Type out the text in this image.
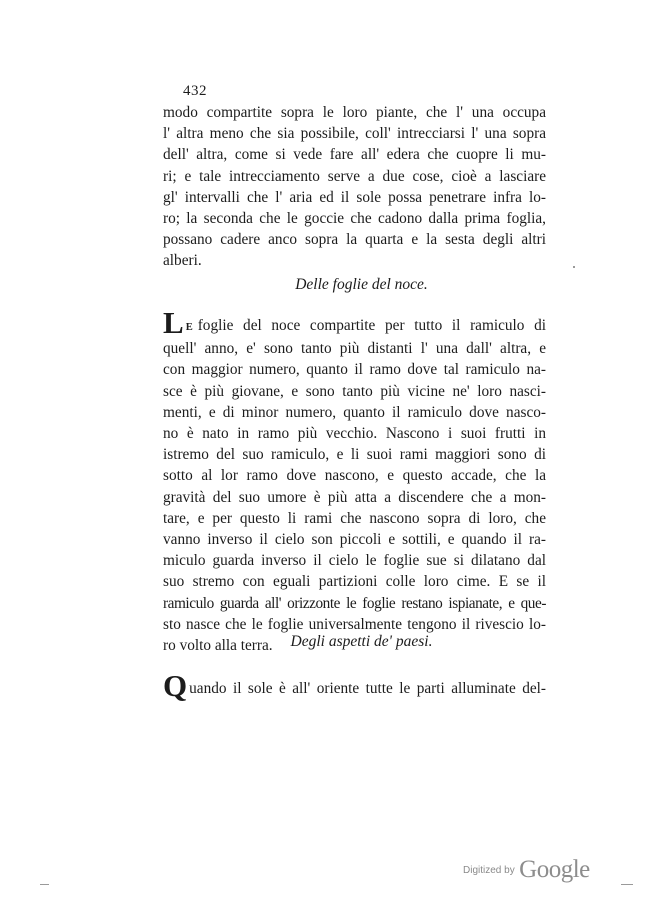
432
modo compartite sopra le loro piante, che l' una occupa
l' altra meno che sia possibile, coll' intrecciarsi l' una sopra
dell' altra, come si vede fare all' edera che cuopre li mu-
ri; e tale intrecciamento serve a due cose, cioè a lasciare
gl' intervalli che l' aria ed il sole possa penetrare infra lo-
ro; la seconda che le goccie che cadono dalla prima foglia,
possano cadere anco sopra la quarta e la sesta degli altri
alberi.
Delle foglie del noce.
L E foglie del noce compartite per tutto il ramiculo di
quell' anno, e' sono tanto più distanti l' una dall' altra, e
con maggior numero, quanto il ramo dove tal ramiculo na-
sce è più giovane, e sono tanto più vicine ne' loro nasci-
menti, e di minor numero, quanto il ramiculo dove nasco-
no è nato in ramo più vecchio. Nascono i suoi frutti in
istremo del suo ramiculo, e li suoi rami maggiori sono di
sotto al lor ramo dove nascono, e questo accade, che la
gravità del suo umore è più atta a discendere che a mon-
tare, e per questo li rami che nascono sopra di loro, che
vanno inverso il cielo son piccoli e sottili, e quando il ra-
miculo guarda inverso il cielo le foglie sue si dilatano dal
suo stremo con eguali partizioni colle loro cime. E se il
ramiculo guarda all' orizzonte le foglie restano ispianate, e que-
sto nasce che le foglie universalmente tengono il rivescio lo-
ro volto alla terra.	Degli aspetti de' paesi.
Quando il sole è all' oriente tutte le parti alluminate del-
$^{Digitized by}$ Google
